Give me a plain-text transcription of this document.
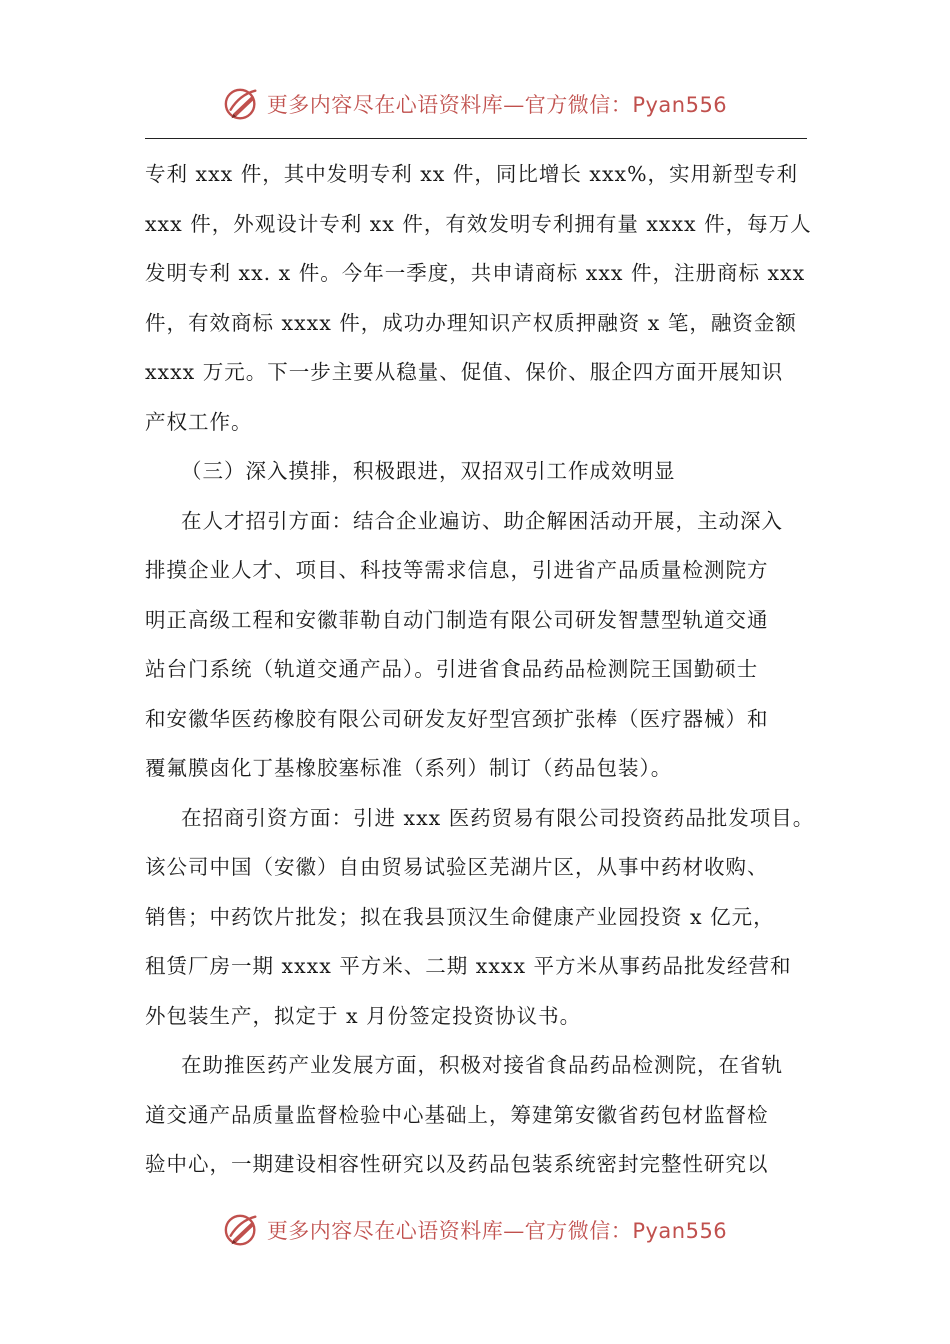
更多内容尽在心语资料库—官方微信：Pyan556
专利 xxx 件，其中发明专利 xx 件，同比增长 xxx%，实用新型专利
xxx 件，外观设计专利 xx 件，有效发明专利拥有量 xxxx 件，每万人
发明专利 xx. x 件。今年一季度，共申请商标 xxx 件，注册商标 xxx
件，有效商标 xxxx 件，成功办理知识产权质押融资 x 笔，融资金额
xxxx 万元。下一步主要从稳量、促值、保价、服企四方面开展知识
产权工作。
（三）深入摸排，积极跟进，双招双引工作成效明显
在人才招引方面：结合企业遍访、助企解困活动开展，主动深入
排摸企业人才、项目、科技等需求信息，引进省产品质量检测院方
明正高级工程和安徽菲勒自动门制造有限公司研发智慧型轨道交通
站台门系统（轨道交通产品）。引进省食品药品检测院王国勤硕士
和安徽华医药橡胶有限公司研发友好型宫颈扩张棒（医疗器械）和
覆氟膜卤化丁基橡胶塞标准（系列）制订（药品包装）。
在招商引资方面：引进 xxx 医药贸易有限公司投资药品批发项目。
该公司中国（安徽）自由贸易试验区芜湖片区，从事中药材收购、
销售；中药饮片批发；拟在我县顶汉生命健康产业园投资 x 亿元，
租赁厂房一期 xxxx 平方米、二期 xxxx 平方米从事药品批发经营和
外包装生产，拟定于 x 月份签定投资协议书。
在助推医药产业发展方面，积极对接省食品药品检测院，在省轨
道交通产品质量监督检验中心基础上，筹建第安徽省药包材监督检
验中心，一期建设相容性研究以及药品包装系统密封完整性研究以
更多内容尽在心语资料库—官方微信：Pyan556
